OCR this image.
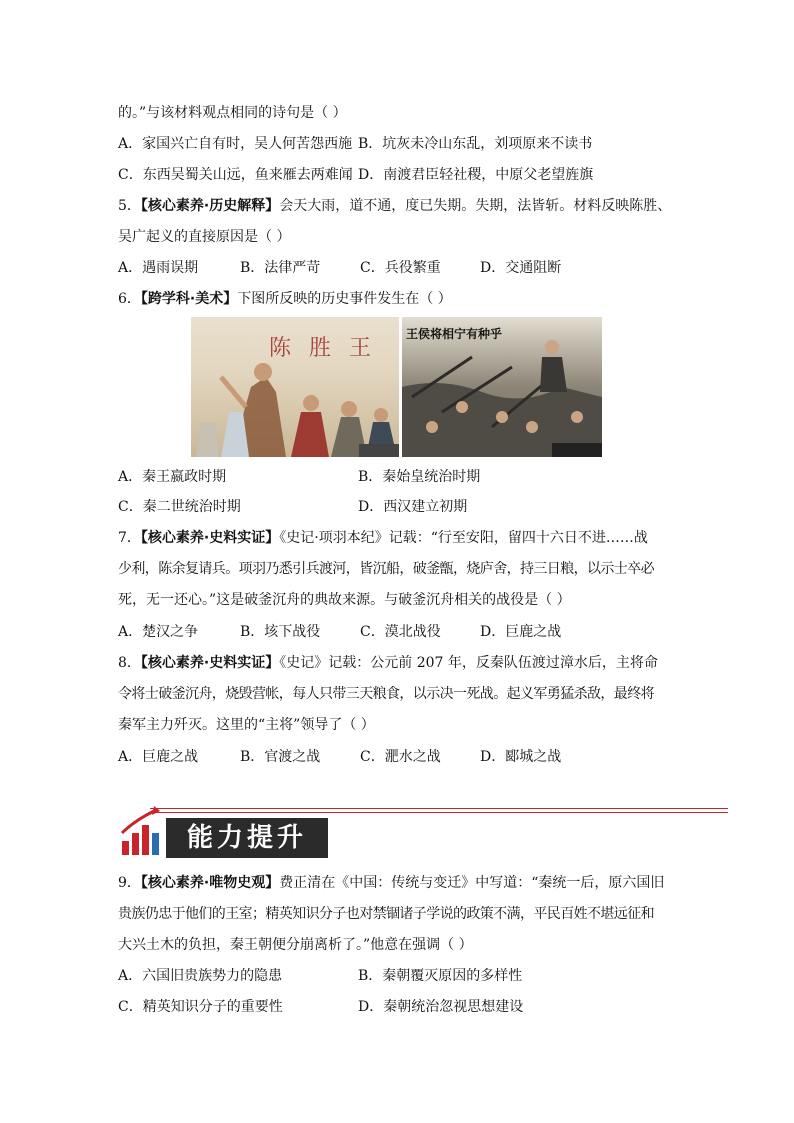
的。”与该材料观点相同的诗句是（ ）
A．家国兴亡自有时，吴人何苦怨西施 B．坑灰未冷山东乱，刘项原来不读书
C．东西吴蜀关山远，鱼来雁去两难闻 D．南渡君臣轻社稷，中原父老望旌旗
5．【核心素养·历史解释】会天大雨，道不通，度已失期。失期，法皆斩。材料反映陈胜、
吴广起义的直接原因是（ ）
A．遇雨误期	B．法律严苛	C．兵役繁重	D．交通阻断
6．【跨学科·美术】下图所反映的历史事件发生在（ ）
陈胜王
王侯将相宁有种乎
A．秦王嬴政时期	B．秦始皇统治时期
C．秦二世统治时期	D．西汉建立初期
7．【核心素养·史料实证】《史记·项羽本纪》记载：“行至安阳，留四十六日不进……战
少利，陈余复请兵。项羽乃悉引兵渡河，皆沉船，破釜甑，烧庐舍，持三日粮，以示士卒必
死，无一还心。”这是破釜沉舟的典故来源。与破釜沉舟相关的战役是（ ）
A．楚汉之争	B．垓下战役	C．漠北战役	D．巨鹿之战
8．【核心素养·史料实证】《史记》记载：公元前 207 年，反秦队伍渡过漳水后，主将命
令将士破釜沉舟，烧毁营帐，每人只带三天粮食，以示决一死战。起义军勇猛杀敌，最终将
秦军主力歼灭。这里的“主将”领导了（ ）
A．巨鹿之战	B．官渡之战	C．淝水之战	D．郾城之战
能力提升
9．【核心素养·唯物史观】费正清在《中国：传统与变迁》中写道：“秦统一后，原六国旧
贵族仍忠于他们的王室；精英知识分子也对禁锢诸子学说的政策不满，平民百姓不堪远征和
大兴土木的负担，秦王朝便分崩离析了。”他意在强调（ ）
A．六国旧贵族势力的隐患	B．秦朝覆灭原因的多样性
C．精英知识分子的重要性	D．秦朝统治忽视思想建设
